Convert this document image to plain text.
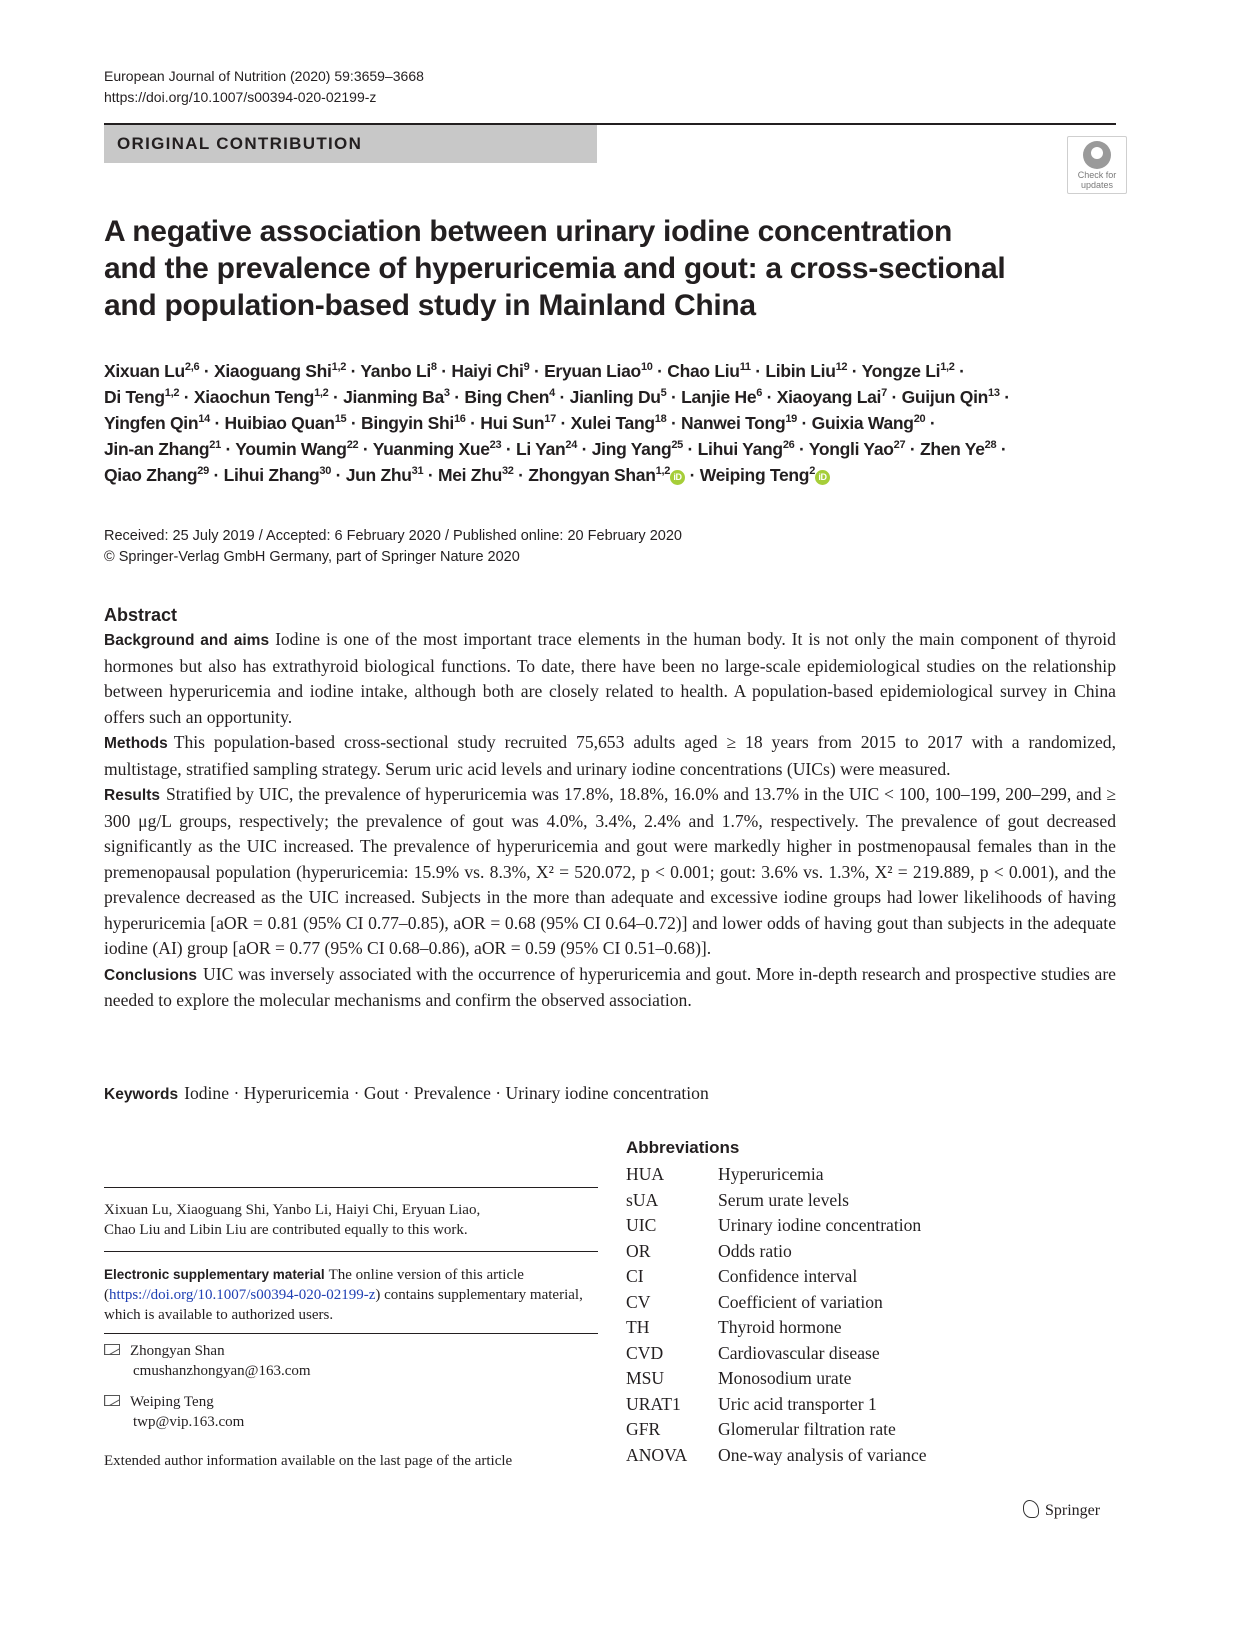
European Journal of Nutrition (2020) 59:3659–3668
https://doi.org/10.1007/s00394-020-02199-z
ORIGINAL CONTRIBUTION
Check for
updates
A negative association between urinary iodine concentration
and the prevalence of hyperuricemia and gout: a cross-sectional
and population-based study in Mainland China
Xixuan Lu$^{2,6}$ · Xiaoguang Shi$^{1,2}$ · Yanbo $Li^8$ · Haiyi Chi$^9$ · Eryuan Liao$^{10}$ · Chao Liu$^{11}$ · Libin Liu$^{12}$ · Yongze Li$^{1,2}$ ·
Di Teng$^{1,2}$ · Xiaochun Teng$^{1,2}$ · Jianming $Ba^3$ · Bing Chen$^4$ · Jianling $Du^5$ · Lanjie $He^6$ · Xiaoyang Lai$^7$ · Guijun Qin$^{13}$ ·
Yingfen Qin$^{14}$ · Huibiao Quan$^{15}$ · Bingyin Shi$^{16}$ · Hui Sun$^{17}$ · Xulei Tang$^{18}$ · Nanwei Tong$^{19}$ · Guixia Wang$^{20}$ ·
Jin-an Zhang$^{21}$ · Youmin Wang$^{22}$ · Yuanming Xue$^{23}$ · Li Yan$^{24}$ · Jing Yang$^{25}$ · Lihui Yang$^{26}$ · Yongli Yao$^{27}$ · Zhen $Ye^{28}$ ·
Qiao Zhang$^{29}$ · Lihui Zhang$^{30}$ · Jun Zhu$^{31}$ · Mei Zhu$^{32}$ · Zhongyan Shan$^{1,2}$ iD · Weiping Teng$^2$ iD
Received: 25 July 2019 / Accepted: 6 February 2020 / Published online: 20 February 2020
© Springer-Verlag GmbH Germany, part of Springer Nature 2020
Abstract

Background and aims Iodine is one of the most important trace elements in the human body. It is not only the main component of thyroid hormones but also has extrathyroid biological functions. To date, there have been no large-scale epidemiological studies on the relationship between hyperuricemia and iodine intake, although both are closely related to health. A population-based epidemiological survey in China offers such an opportunity.

Methods This population-based cross-sectional study recruited 75,653 adults aged ≥ 18 years from 2015 to 2017 with a randomized, multistage, stratified sampling strategy. Serum uric acid levels and urinary iodine concentrations (UICs) were measured.

Results Stratified by UIC, the prevalence of hyperuricemia was 17.8%, 18.8%, 16.0% and 13.7% in the UIC < 100, 100–199, 200–299, and ≥ 300 μg/L groups, respectively; the prevalence of gout was 4.0%, 3.4%, 2.4% and 1.7%, respectively. The prevalence of gout decreased significantly as the UIC increased. The prevalence of hyperuricemia and gout were markedly higher in postmenopausal females than in the premenopausal population (hyperuricemia: 15.9% vs. 8.3%, X² = 520.072, p < 0.001; gout: 3.6% vs. 1.3%, X² = 219.889, p < 0.001), and the prevalence decreased as the UIC increased. Subjects in the more than adequate and excessive iodine groups had lower likelihoods of having hyperuricemia [aOR = 0.81 (95% CI 0.77–0.85), aOR = 0.68 (95% CI 0.64–0.72)] and lower odds of having gout than subjects in the adequate iodine (AI) group [aOR = 0.77 (95% CI 0.68–0.86), aOR = 0.59 (95% CI 0.51–0.68)].

Conclusions UIC was inversely associated with the occurrence of hyperuricemia and gout. More in-depth research and prospective studies are needed to explore the molecular mechanisms and confirm the observed association.

Keywords Iodine · Hyperuricemia · Gout · Prevalence · Urinary iodine concentration
Xixuan Lu, Xiaoguang Shi, Yanbo Li, Haiyi Chi, Eryuan Liao,
Chao Liu and Libin Liu are contributed equally to this work.
Electronic supplementary material The online version of this article (https://doi.org/10.1007/s00394-020-02199-z) contains supplementary material, which is available to authorized users.
Zhongyan Shan
cmushanzhongyan@163.com
Weiping Teng
twp@vip.163.com
Extended author information available on the last page of the article
Abbreviations
HUA	Hyperuricemia
sUA	Serum urate levels
UIC	Urinary iodine concentration
OR	Odds ratio
CI	Confidence interval
CV	Coefficient of variation
TH	Thyroid hormone
CVD	Cardiovascular disease
MSU	Monosodium urate
URAT1	Uric acid transporter 1
GFR	Glomerular filtration rate
ANOVA	One-way analysis of variance
Springer
